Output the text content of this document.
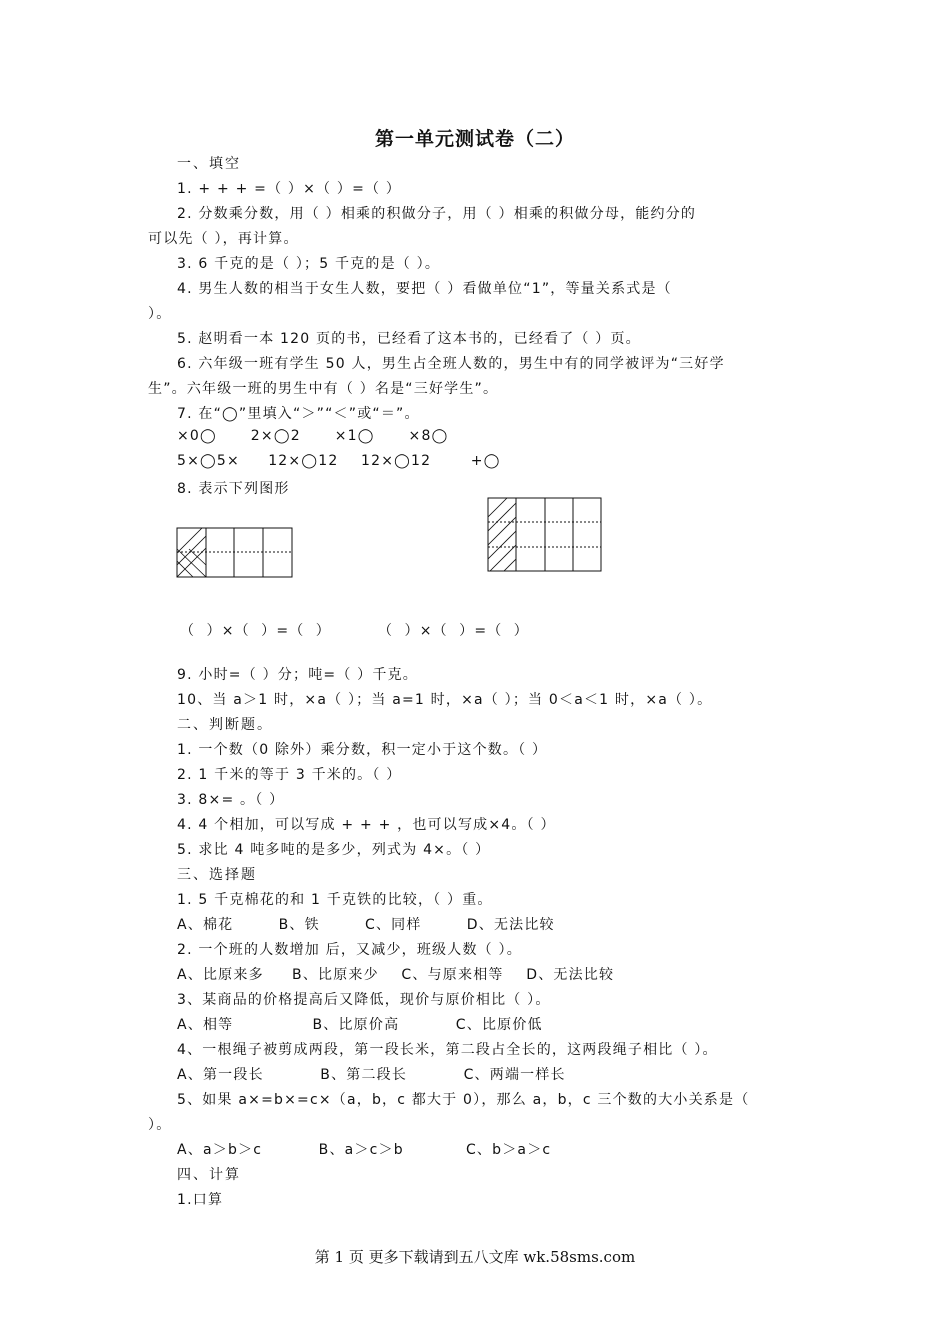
第一单元测试卷（二）
一、填空
1. + + + =（ ）×（ ）=（ ）
2. 分数乘分数，用（ ）相乘的积做分子，用（ ）相乘的积做分母，能约分的
可以先（ ），再计算。
3. 6 千克的是（ ）；5 千克的是（ ）。
4. 男生人数的相当于女生人数，要把（ ）看做单位“1”，等量关系式是（
）。
5. 赵明看一本 120 页的书，已经看了这本书的，已经看了（ ）页。
6. 六年级一班有学生 50 人，男生占全班人数的，男生中有的同学被评为“三好学
生”。六年级一班的男生中有（ ）名是“三好学生”。
7. 在“◯”里填入“＞”“＜”或“＝”。
×0◯      2×◯2      ×1◯      ×8◯
5×◯5×     12×◯12    12×◯12       +◯
8. 表示下列图形
（  ）×（  ）=（  ）	（  ）×（  ）=（  ）
9. 小时=（ ）分；吨=（ ）千克。
10、当 a＞1 时，×a（ ）；当 a=1 时，×a（ ）；当 0＜a＜1 时，×a（ ）。
二、判断题。
1. 一个数（0 除外）乘分数，积一定小于这个数。（ ）
2. 1 千米的等于 3 千米的。（ ）
3. 8×= 。（ ）
4. 4 个相加，可以写成 + + + ，也可以写成×4。（ ）
5. 求比 4 吨多吨的是多少，列式为 4×。（ ）
三、选择题
1. 5 千克棉花的和 1 千克铁的比较，（ ）重。
A、棉花        B、铁        C、同样        D、无法比较
2. 一个班的人数增加 后，又减少，班级人数（ ）。
A、比原来多     B、比原来少    C、与原来相等    D、无法比较
3、某商品的价格提高后又降低，现价与原价相比（ ）。
A、相等              B、比原价高          C、比原价低
4、一根绳子被剪成两段，第一段长米，第二段占全长的，这两段绳子相比（ ）。
A、第一段长          B、第二段长          C、两端一样长
5、如果 a×=b×=c×（a，b，c 都大于 0），那么 a，b，c 三个数的大小关系是（
）。
A、a＞b＞c          B、a＞c＞b           C、b＞a＞c
四、计算
1.口算
第 1 页 更多下载请到五八文库 wk.58sms.com
